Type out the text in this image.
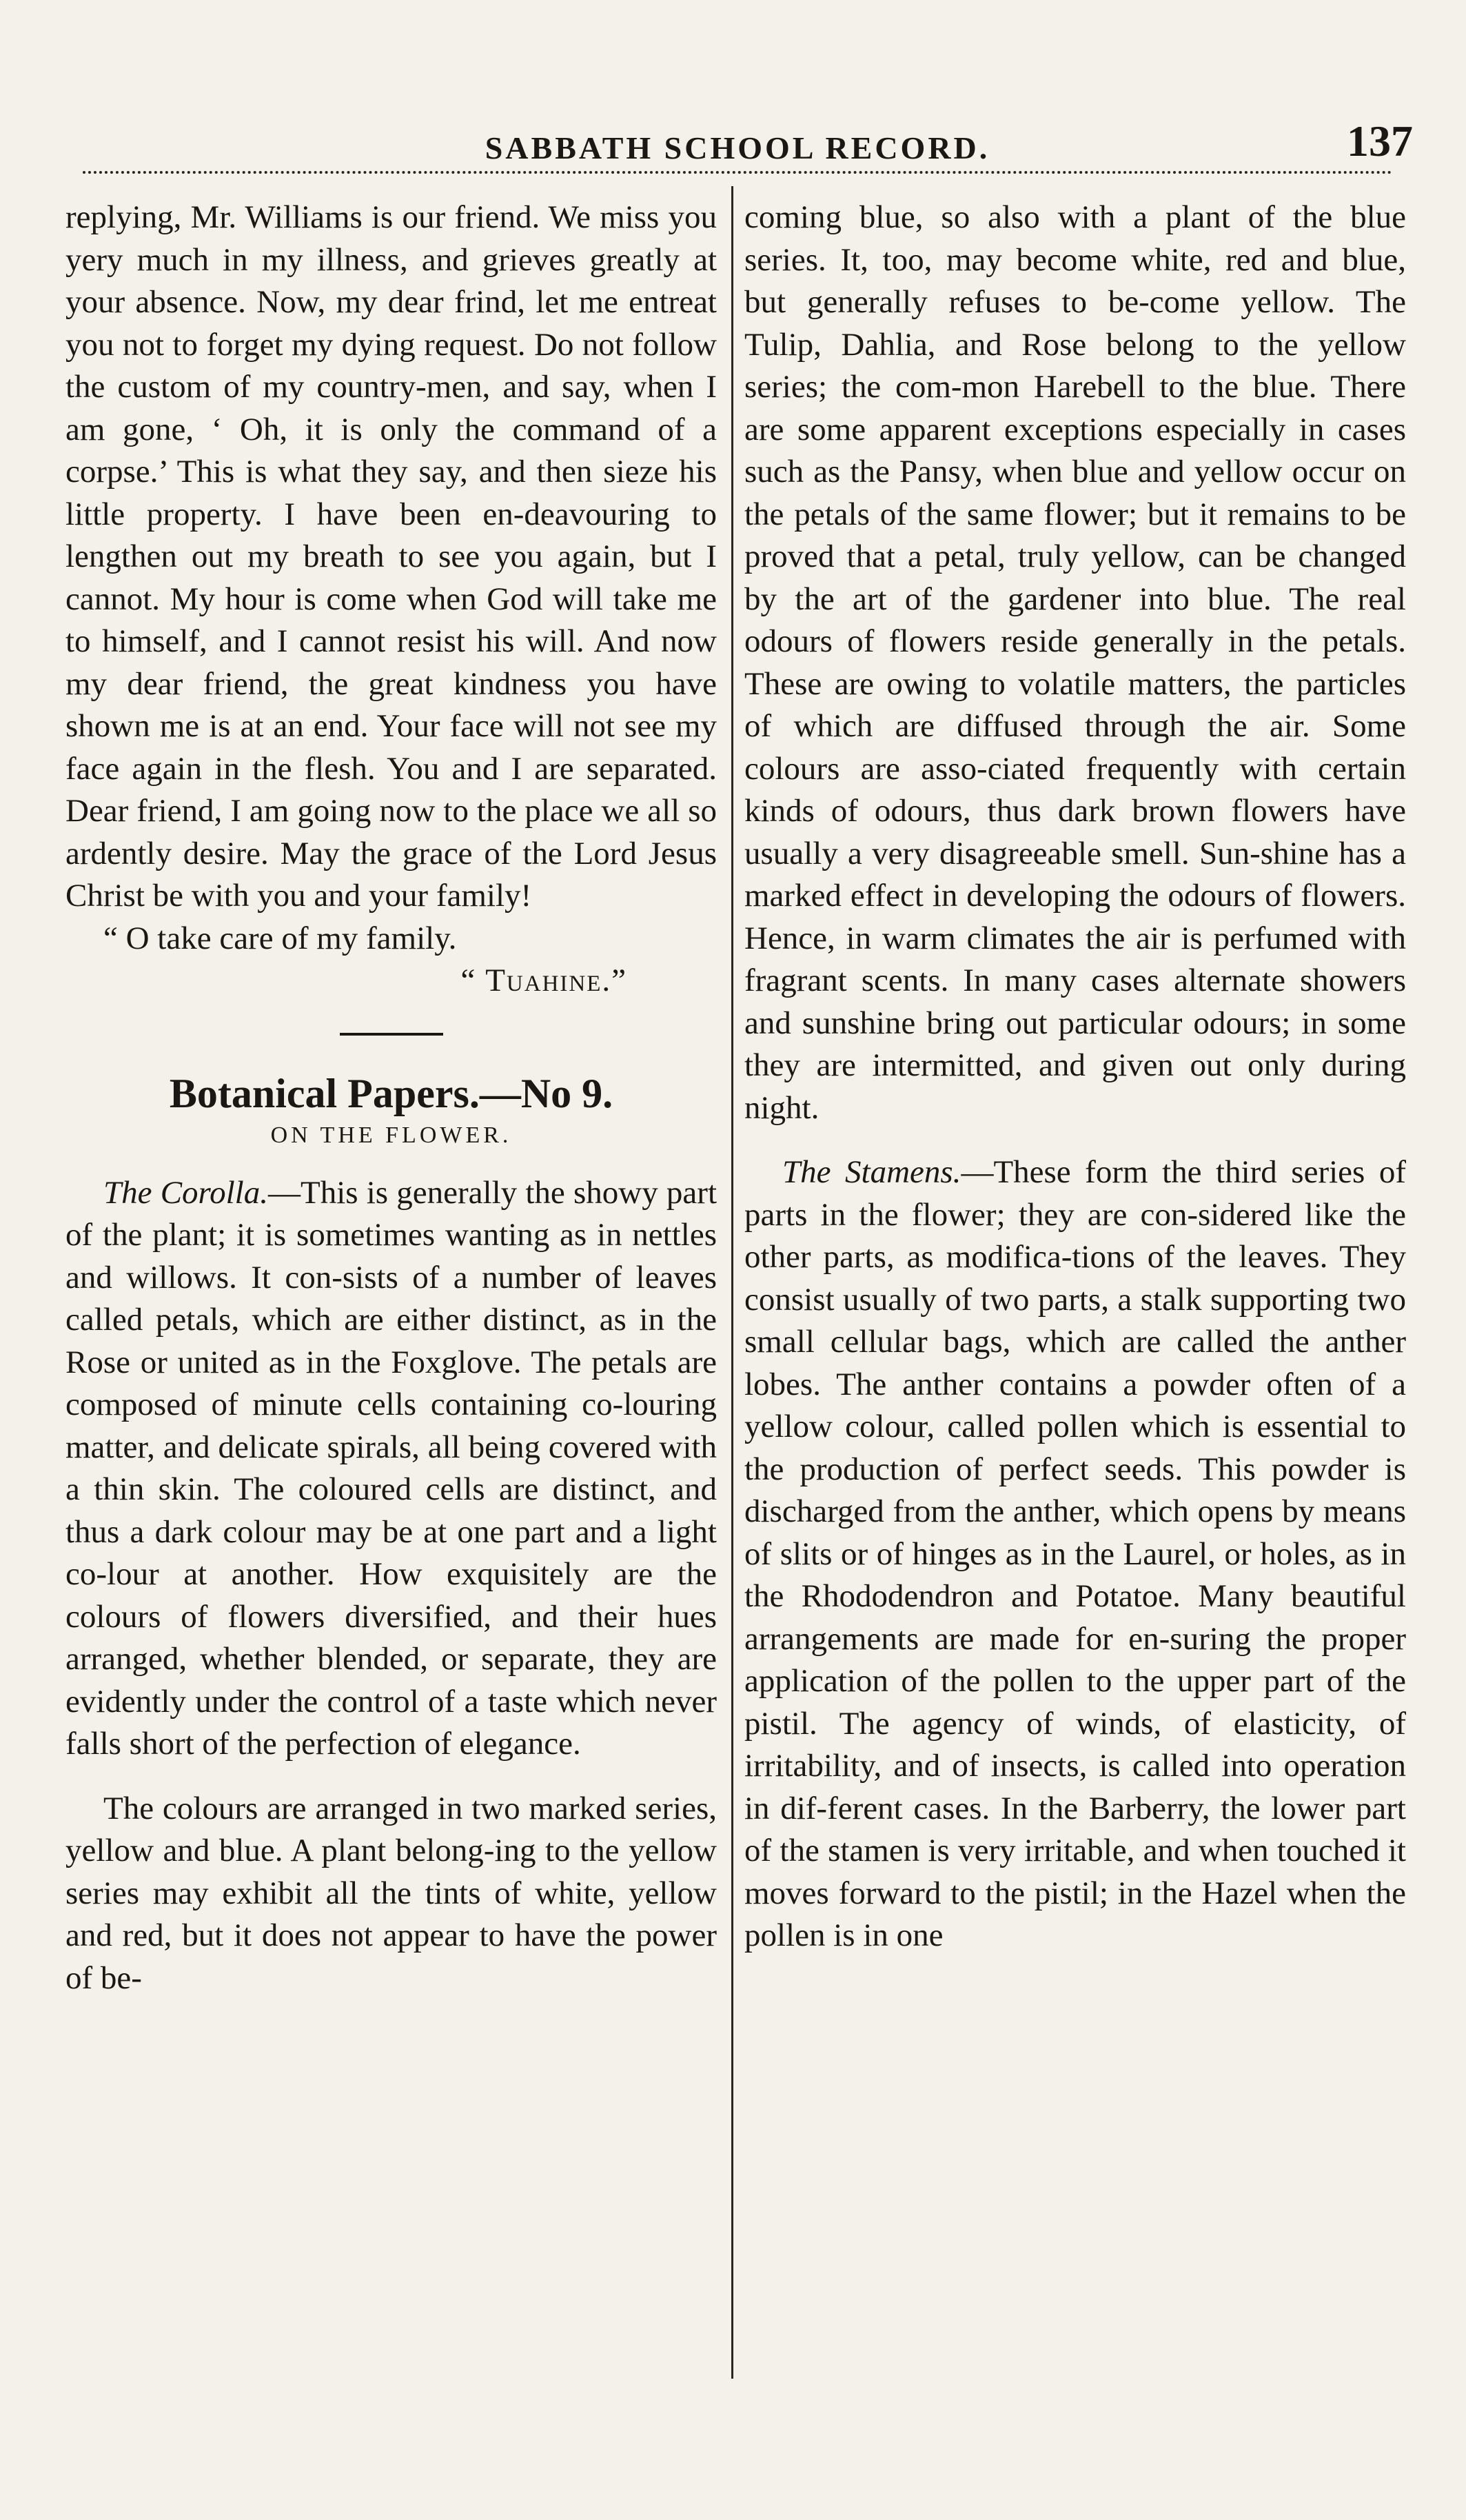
SABBATH SCHOOL RECORD.	137

replying, Mr. Williams is our friend. We miss you yery much in my illness, and grieves greatly at your absence. Now, my dear frind, let me entreat you not to forget my dying request. Do not follow the custom of my country-men, and say, when I am gone, ‘ Oh, it is only the command of a corpse.’ This is what they say, and then sieze his little property. I have been en-deavouring to lengthen out my breath to see you again, but I cannot. My hour is come when God will take me to himself, and I cannot resist his will. And now my dear friend, the great kindness you have shown me is at an end. Your face will not see my face again in the flesh. You and I are separated. Dear friend, I am going now to the place we all so ardently desire. May the grace of the Lord Jesus Christ be with you and your family!

“ O take care of my family.

“ Tuahine.”

Botanical Papers.—No 9.
ON THE FLOWER.

The Corolla.—This is generally the showy part of the plant; it is sometimes wanting as in nettles and willows. It con-sists of a number of leaves called petals, which are either distinct, as in the Rose or united as in the Foxglove. The petals are composed of minute cells containing co-louring matter, and delicate spirals, all being covered with a thin skin. The coloured cells are distinct, and thus a dark colour may be at one part and a light co-lour at another. How exquisitely are the colours of flowers diversified, and their hues arranged, whether blended, or separate, they are evidently under the control of a taste which never falls short of the perfection of elegance.

The colours are arranged in two marked series, yellow and blue. A plant belong-ing to the yellow series may exhibit all the tints of white, yellow and red, but it does not appear to have the power of be-

coming blue, so also with a plant of the blue series. It, too, may become white, red and blue, but generally refuses to be-come yellow. The Tulip, Dahlia, and Rose belong to the yellow series; the com-mon Harebell to the blue. There are some apparent exceptions especially in cases such as the Pansy, when blue and yellow occur on the petals of the same flower; but it remains to be proved that a petal, truly yellow, can be changed by the art of the gardener into blue. The real odours of flowers reside generally in the petals. These are owing to volatile matters, the particles of which are diffused through the air. Some colours are asso-ciated frequently with certain kinds of odours, thus dark brown flowers have usually a very disagreeable smell. Sun-shine has a marked effect in developing the odours of flowers. Hence, in warm climates the air is perfumed with fragrant scents. In many cases alternate showers and sunshine bring out particular odours; in some they are intermitted, and given out only during night.

The Stamens.—These form the third series of parts in the flower; they are con-sidered like the other parts, as modifica-tions of the leaves. They consist usually of two parts, a stalk supporting two small cellular bags, which are called the anther lobes. The anther contains a powder often of a yellow colour, called pollen which is essential to the production of perfect seeds. This powder is discharged from the anther, which opens by means of slits or of hinges as in the Laurel, or holes, as in the Rhododendron and Potatoe. Many beautiful arrangements are made for en-suring the proper application of the pollen to the upper part of the pistil. The agency of winds, of elasticity, of irritability, and of insects, is called into operation in dif-ferent cases. In the Barberry, the lower part of the stamen is very irritable, and when touched it moves forward to the pistil; in the Hazel when the pollen is in one
